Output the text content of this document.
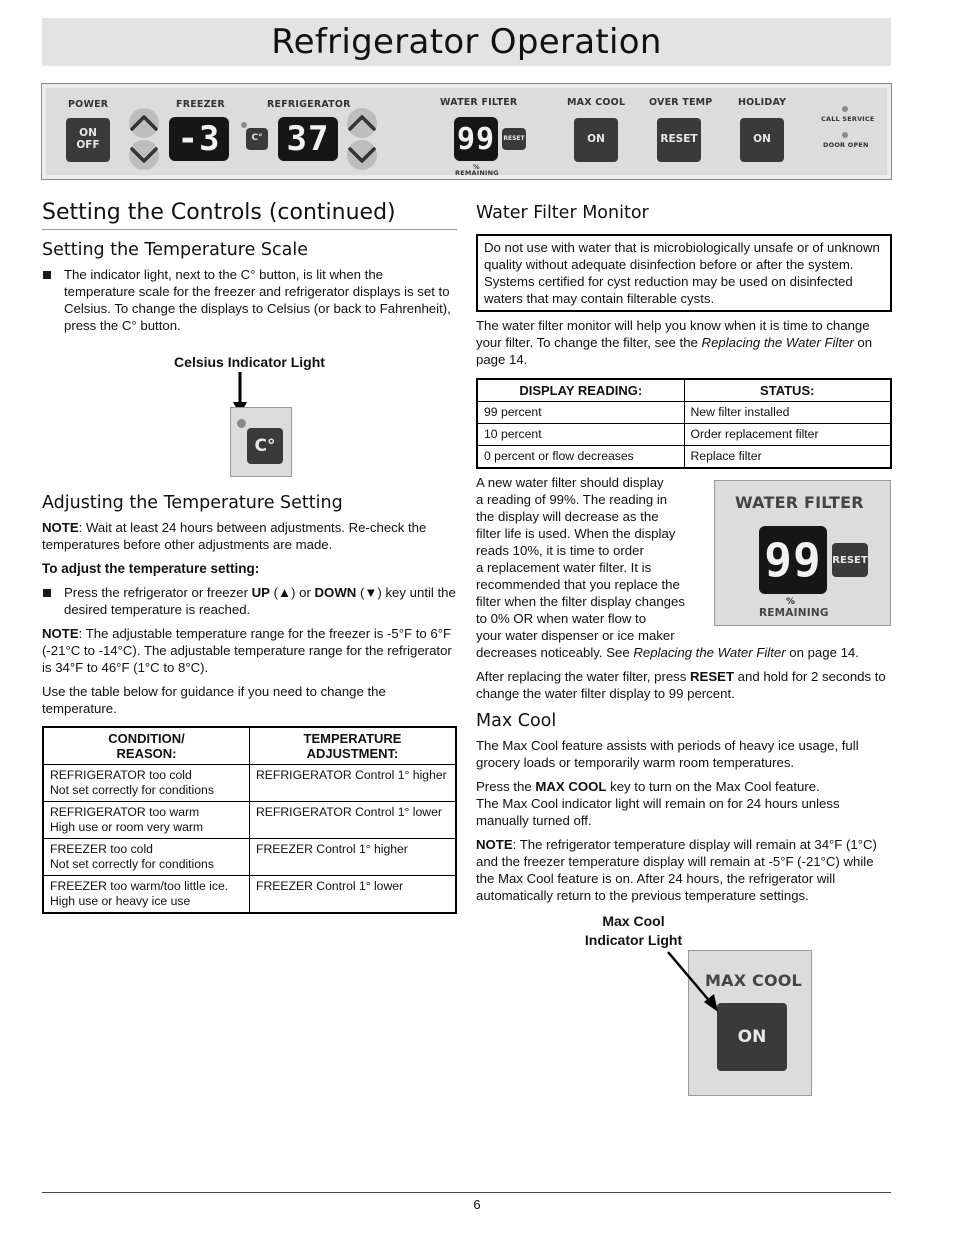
Refrigerator Operation
POWER
ON
OFF
FREEZER
-3	C°
REFRIGERATOR
37
WATER FILTER
99	RESET
%
REMAINING
MAX COOL
ON
OVER TEMP
RESET
HOLIDAY
ON
CALL SERVICE
DOOR OPEN
Setting the Controls (continued)
Setting the Temperature Scale
The indicator light, next to the C° button, is lit when the temperature scale for the freezer and refrigerator displays is set to Celsius. To change the displays to Celsius (or back to Fahrenheit), press the C° button.
Celsius Indicator Light
C°
Adjusting the Temperature Setting

NOTE: Wait at least 24 hours between adjustments. Re-check the temperatures before other adjustments are made.

To adjust the temperature setting:

Press the refrigerator or freezer UP (▲) or DOWN (▼) key until the desired temperature is reached.

NOTE: The adjustable temperature range for the freezer is -5°F to 6°F (-21°C to -14°C). The adjustable temperature range for the refrigerator is 34°F to 46°F (1°C to 8°C).

Use the table below for guidance if you need to change the temperature.

CONDITION/
REASON:	TEMPERATURE
ADJUSTMENT:

REFRIGERATOR too cold
Not set correctly for conditions	REFRIGERATOR Control 1° higher

REFRIGERATOR too warm
High use or room very warm	REFRIGERATOR Control 1° lower

FREEZER too cold
Not set correctly for conditions	FREEZER Control 1° higher

FREEZER too warm/too little ice.
High use or heavy ice use	FREEZER Control 1° lower
Water Filter Monitor
Do not use with water that is microbiologically unsafe or of unknown quality without adequate disinfection before or after the system. Systems certified for cyst reduction may be used on disinfected waters that may contain filterable cysts.

The water filter monitor will help you know when it is time to change your filter. To change the filter, see the Replacing the Water Filter on page 14.

DISPLAY READING:	STATUS:
99 percent	New filter installed
10 percent	Order replacement filter
0 percent or flow decreases	Replace filter
WATER FILTER
99	RESET
%
REMAINING

A new water filter should display

a reading of 99%. The reading in

the display will decrease as the

filter life is used. When the display

reads 10%, it is time to order

a replacement water filter. It is

recommended that you replace the

filter when the filter display changes

to 0% OR when water flow to

your water dispenser or ice maker

decreases noticeably. See Replacing the Water Filter on page 14.

After replacing the water filter, press RESET and hold for 2 seconds to change the water filter display to 99 percent.

Max Cool

The Max Cool feature assists with periods of heavy ice usage, full grocery loads or temporarily warm room temperatures.

Press the MAX COOL key to turn on the Max Cool feature.
The Max Cool indicator light will remain on for 24 hours unless manually turned off.

NOTE: The refrigerator temperature display will remain at 34°F (1°C) and the freezer temperature display will remain at -5°F (-21°C) while the Max Cool feature is on. After 24 hours, the refrigerator will automatically return to the previous temperature settings.

Max Cool
Indicator Light
MAX COOL
ON
6
